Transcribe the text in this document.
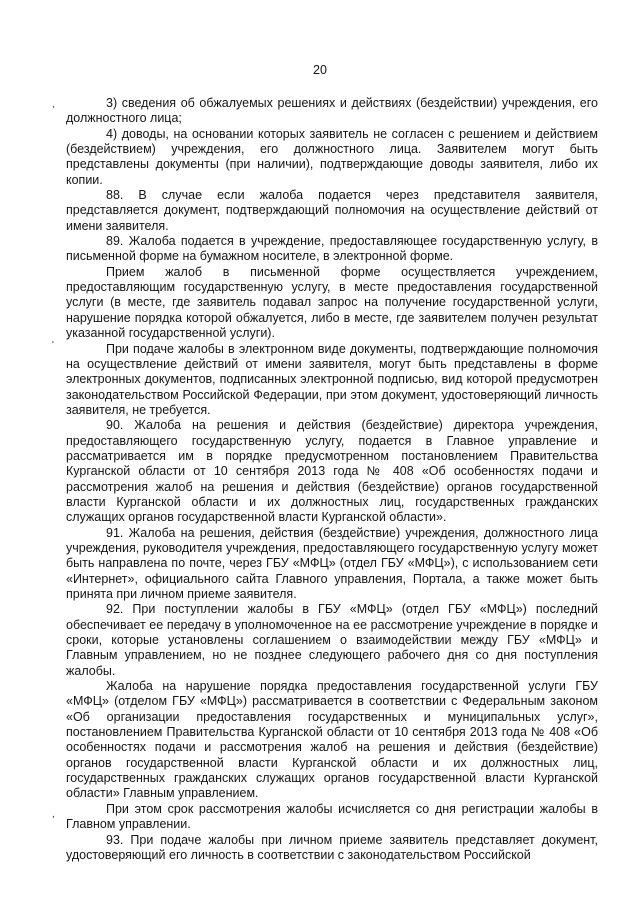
20
,
'
,

3) сведения об обжалуемых решениях и действиях (бездействии) учреждения, его должностного лица;

4) доводы, на основании которых заявитель не согласен с решением и действием (бездействием) учреждения, его должностного лица. Заявителем могут быть представлены документы (при наличии), подтверждающие доводы заявителя, либо их копии.

88. В случае если жалоба подается через представителя заявителя, представляется документ, подтверждающий полномочия на осуществление действий от имени заявителя.

89. Жалоба подается в учреждение, предоставляющее государственную услугу, в письменной форме на бумажном носителе, в электронной форме.

Прием жалоб в письменной форме осуществляется учреждением, предоставляющим государственную услугу, в месте предоставления государственной услуги (в месте, где заявитель подавал запрос на получение государственной услуги, нарушение порядка которой обжалуется, либо в месте, где заявителем получен результат указанной государственной услуги).

При подаче жалобы в электронном виде документы, подтверждающие полномочия на осуществление действий от имени заявителя, могут быть представлены в форме электронных документов, подписанных электронной подписью, вид которой предусмотрен законодательством Российской Федерации, при этом документ, удостоверяющий личность заявителя, не требуется.

90. Жалоба на решения и действия (бездействие) директора учреждения, предоставляющего государственную услугу, подается в Главное управление и рассматривается им в порядке предусмотренном постановлением Правительства Курганской области от 10 сентября 2013 года № 408 «Об особенностях подачи и рассмотрения жалоб на решения и действия (бездействие) органов государственной власти Курганской области и их должностных лиц, государственных гражданских служащих органов государственной власти Курганской области».

91. Жалоба на решения, действия (бездействие) учреждения, должностного лица учреждения, руководителя учреждения, предоставляющего государственную услугу может быть направлена по почте, через ГБУ «МФЦ» (отдел ГБУ «МФЦ»), с использованием сети «Интернет», официального сайта Главного управления, Портала, а также может быть принята при личном приеме заявителя.

92. При поступлении жалобы в ГБУ «МФЦ» (отдел ГБУ «МФЦ») последний обеспечивает ее передачу в уполномоченное на ее рассмотрение учреждение в порядке и сроки, которые установлены соглашением о взаимодействии между ГБУ «МФЦ» и Главным управлением, но не позднее следующего рабочего дня со дня поступления жалобы.

Жалоба на нарушение порядка предоставления государственной услуги ГБУ «МФЦ» (отделом ГБУ «МФЦ») рассматривается в соответствии с Федеральным законом «Об организации предоставления государственных и муниципальных услуг», постановлением Правительства Курганской области от 10 сентября 2013 года № 408 «Об особенностях подачи и рассмотрения жалоб на решения и действия (бездействие) органов государственной власти Курганской области и их должностных лиц, государственных гражданских служащих органов государственной власти Курганской области» Главным управлением.

При этом срок рассмотрения жалобы исчисляется со дня регистрации жалобы в Главном управлении.

93. При подаче жалобы при личном приеме заявитель представляет документ, удостоверяющий его личность в соответствии с законодательством Российской
